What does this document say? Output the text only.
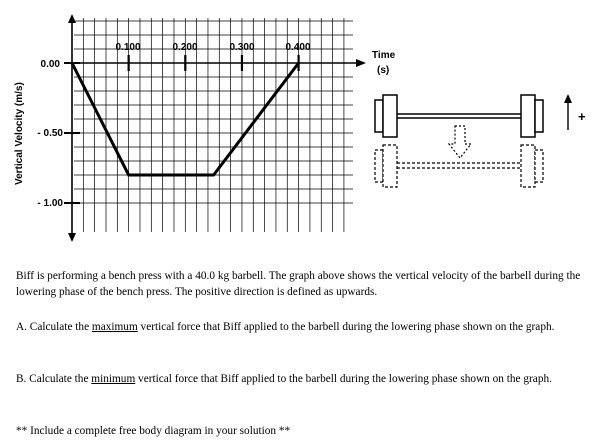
Vertical Velocity (m/s)
Time
(s)
0.100	0.200	0.300	0.400
0.00
- 0.50
- 1.00
+

Biff is performing a bench press with a 40.0 kg barbell. The graph above shows the vertical velocity of the barbell during the lowering phase of the bench press. The positive direction is defined as upwards.

A. Calculate the maximum vertical force that Biff applied to the barbell during the lowering phase shown on the graph.

B. Calculate the minimum vertical force that Biff applied to the barbell during the lowering phase shown on the graph.

** Include a complete free body diagram in your solution **
